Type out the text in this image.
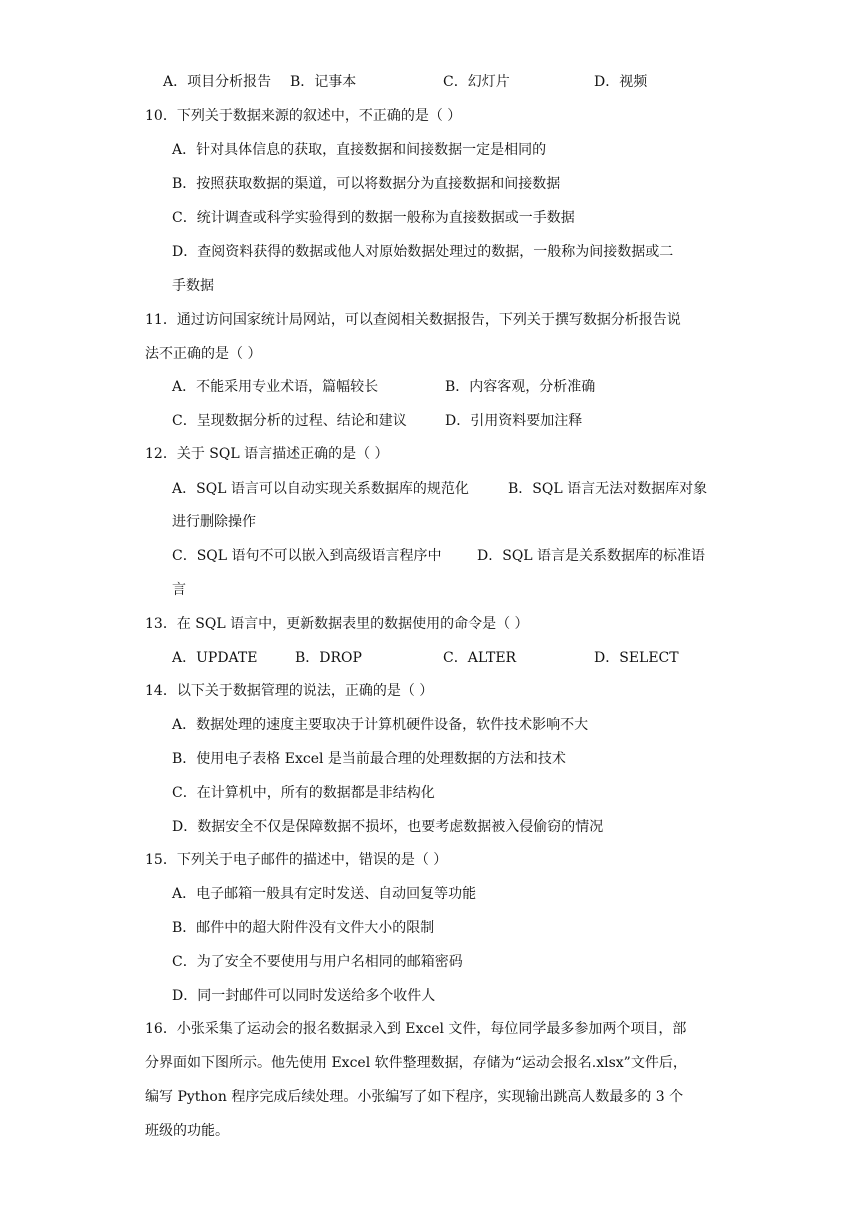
A．项目分析报告 B．记事本	C．幻灯片	D．视频
10．下列关于数据来源的叙述中，不正确的是（ ）
A．针对具体信息的获取，直接数据和间接数据一定是相同的
B．按照获取数据的渠道，可以将数据分为直接数据和间接数据
C．统计调查或科学实验得到的数据一般称为直接数据或一手数据
D．查阅资料获得的数据或他人对原始数据处理过的数据，一般称为间接数据或二
手数据
11．通过访问国家统计局网站，可以查阅相关数据报告，下列关于撰写数据分析报告说
法不正确的是（ ）
A．不能采用专业术语，篇幅较长	B．内容客观，分析准确
C．呈现数据分析的过程、结论和建议	D．引用资料要加注释
12．关于 SQL 语言描述正确的是（ ）
A．SQL 语言可以自动实现关系数据库的规范化	B．SQL 语言无法对数据库对象
进行删除操作
C．SQL 语句不可以嵌入到高级语言程序中	D．SQL 语言是关系数据库的标准语
言
13．在 SQL 语言中，更新数据表里的数据使用的命令是（ ）
A．UPDATE	B．DROP	C．ALTER	D．SELECT
14．以下关于数据管理的说法，正确的是（ ）
A．数据处理的速度主要取决于计算机硬件设备，软件技术影响不大
B．使用电子表格 Excel 是当前最合理的处理数据的方法和技术
C．在计算机中，所有的数据都是非结构化
D．数据安全不仅是保障数据不损坏，也要考虑数据被入侵偷窃的情况
15．下列关于电子邮件的描述中，错误的是（ ）
A．电子邮箱一般具有定时发送、自动回复等功能
B．邮件中的超大附件没有文件大小的限制
C．为了安全不要使用与用户名相同的邮箱密码
D．同一封邮件可以同时发送给多个收件人
16．小张采集了运动会的报名数据录入到 Excel 文件，每位同学最多参加两个项目，部
分界面如下图所示。他先使用 Excel 软件整理数据，存储为“运动会报名.xlsx”文件后，
编写 Python 程序完成后续处理。小张编写了如下程序，实现输出跳高人数最多的 3 个
班级的功能。
